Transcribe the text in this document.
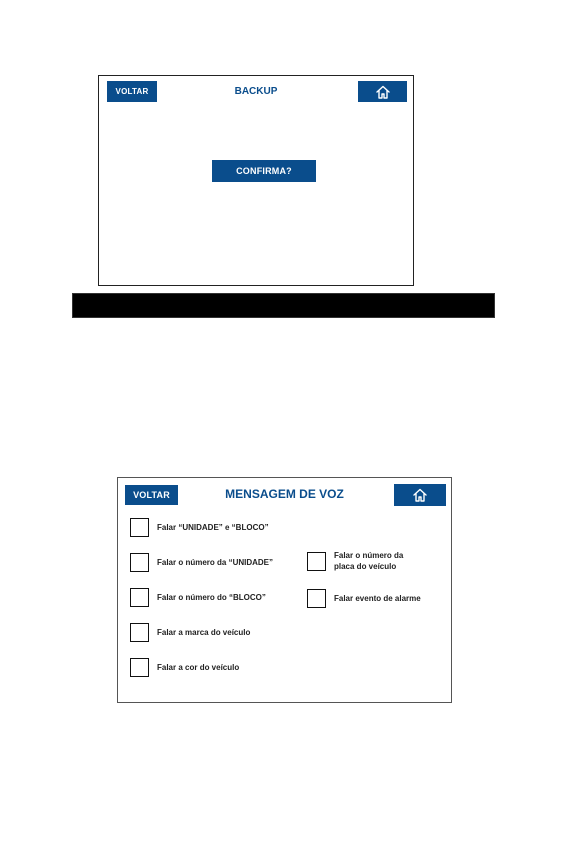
VOLTAR	BACKUP
CONFIRMA?
VOLTAR	MENSAGEM DE VOZ
Falar “UNIDADE” e “BLOCO”
Falar o número da “UNIDADE”
Falar o número do “BLOCO”
Falar a marca do veículo
Falar a cor do veículo
Falar o número da placa do veículo
Falar evento de alarme
